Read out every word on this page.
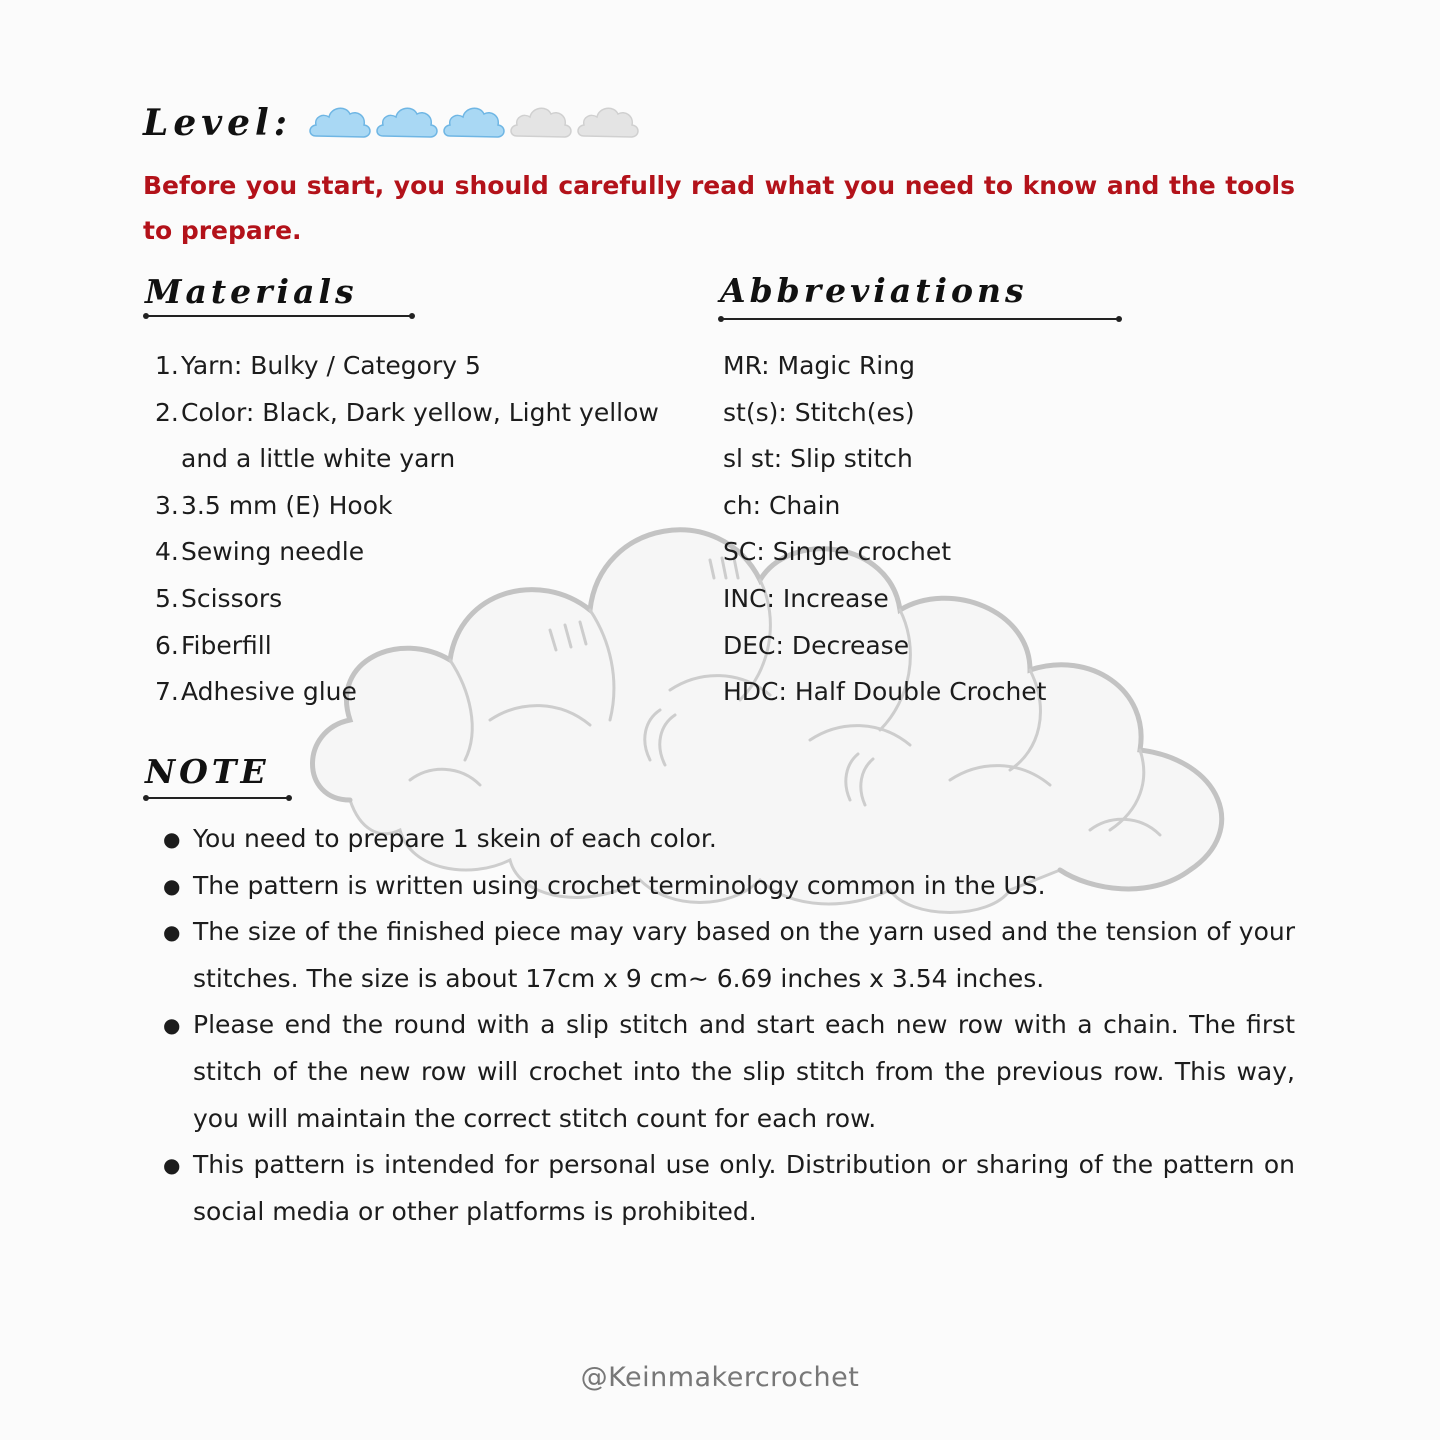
Level:
Before you start, you should carefully read what you need to know and the tools to prepare.
Materials
1. Yarn: Bulky / Category 5
2. Color: Black, Dark yellow, Light yellow and a little white yarn
3. 3.5 mm (E) Hook
4. Sewing needle
5. Scissors
6. Fiberfill
7. Adhesive glue
Abbreviations
MR: Magic Ring
st(s): Stitch(es)
sl st: Slip stitch
ch: Chain
SC: Single crochet
INC: Increase
DEC: Decrease
HDC: Half Double Crochet
NOTE
● You need to prepare 1 skein of each color.
● The pattern is written using crochet terminology common in the US.
● The size of the finished piece may vary based on the yarn used and the tension of your stitches. The size is about 17cm x 9 cm~ 6.69 inches x 3.54 inches.
● Please end the round with a slip stitch and start each new row with a chain. The first stitch of the new row will crochet into the slip stitch from the previous row. This way, you will maintain the correct stitch count for each row.
● This pattern is intended for personal use only. Distribution or sharing of the pattern on social media or other platforms is prohibited.
@Keinmakercrochet
